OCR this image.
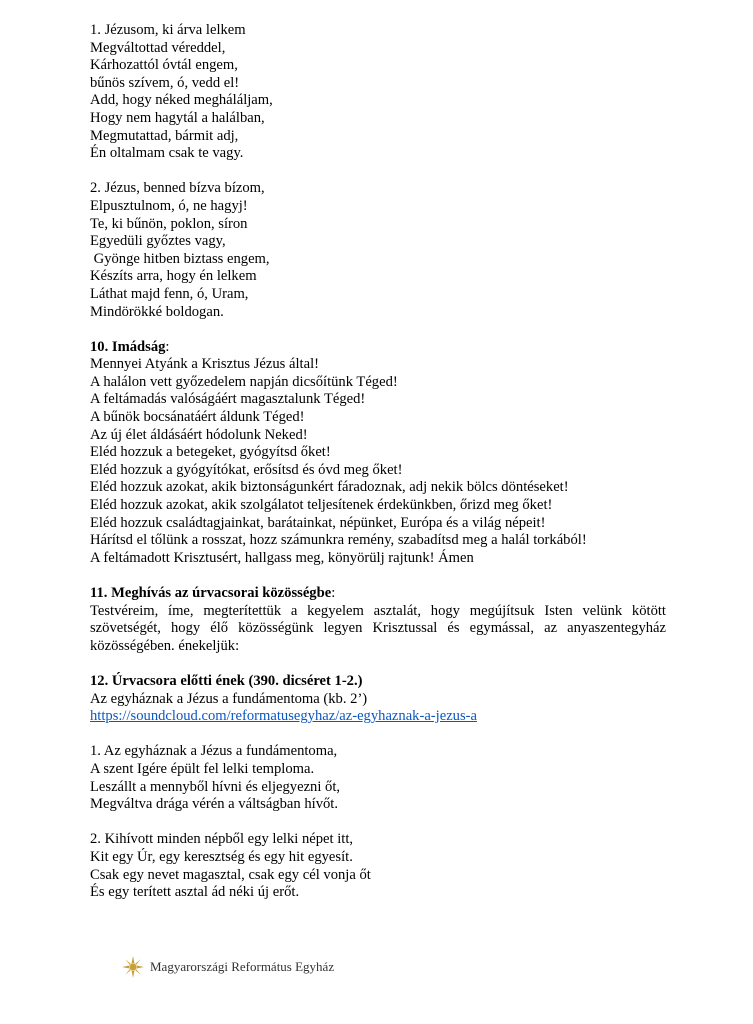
1. Jézusom, ki árva lelkem
Megváltottad véreddel,
Kárhozattól óvtál engem,
bűnös szívem, ó, vedd el!
Add, hogy néked megháláljam,
Hogy nem hagytál a halálban,
Megmutattad, bármit adj,
Én oltalmam csak te vagy.
2. Jézus, benned bízva bízom,
Elpusztulnom, ó, ne hagyj!
Te, ki bűnön, poklon, síron
Egyedüli győztes vagy,
Gyönge hitben biztass engem,
Készíts arra, hogy én lelkem
Láthat majd fenn, ó, Uram,
Mindörökké boldogan.
10. Imádság:
Mennyei Atyánk a Krisztus Jézus által!
A halálon vett győzedelem napján dicsőítünk Téged!
A feltámadás valóságáért magasztalunk Téged!
A bűnök bocsánatáért áldunk Téged!
Az új élet áldásáért hódolunk Neked!
Eléd hozzuk a betegeket, gyógyítsd őket!
Eléd hozzuk a gyógyítókat, erősítsd és óvd meg őket!
Eléd hozzuk azokat, akik biztonságunkért fáradoznak, adj nekik bölcs döntéseket!
Eléd hozzuk azokat, akik szolgálatot teljesítenek érdekünkben, őrizd meg őket!
Eléd hozzuk családtagjainkat, barátainkat, népünket, Európa és a világ népeit!
Hárítsd el tőlünk a rosszat, hozz számunkra remény, szabadítsd meg a halál torkából!
A feltámadott Krisztusért, hallgass meg, könyörülj rajtunk! Ámen
11. Meghívás az úrvacsorai közösségbe:
Testvéreim, íme, megterítettük a kegyelem asztalát, hogy megújítsuk Isten velünk kötött szövetségét, hogy élő közösségünk legyen Krisztussal és egymással, az anyaszentegyház közösségében. énekeljük:
12. Úrvacsora előtti ének (390. dicséret 1-2.)
Az egyháznak a Jézus a fundámentoma (kb. 2’)
https://soundcloud.com/reformatusegyhaz/az-egyhaznak-a-jezus-a
1. Az egyháznak a Jézus a fundámentoma,
A szent Igére épült fel lelki temploma.
Leszállt a mennyből hívni és eljegyezni őt,
Megváltva drága vérén a váltságban hívőt.
2. Kihívott minden népből egy lelki népet itt,
Kit egy Úr, egy keresztség és egy hit egyesít.
Csak egy nevet magasztal, csak egy cél vonja őt
És egy terített asztal ád néki új erőt.
Magyarországi Református Egyház
